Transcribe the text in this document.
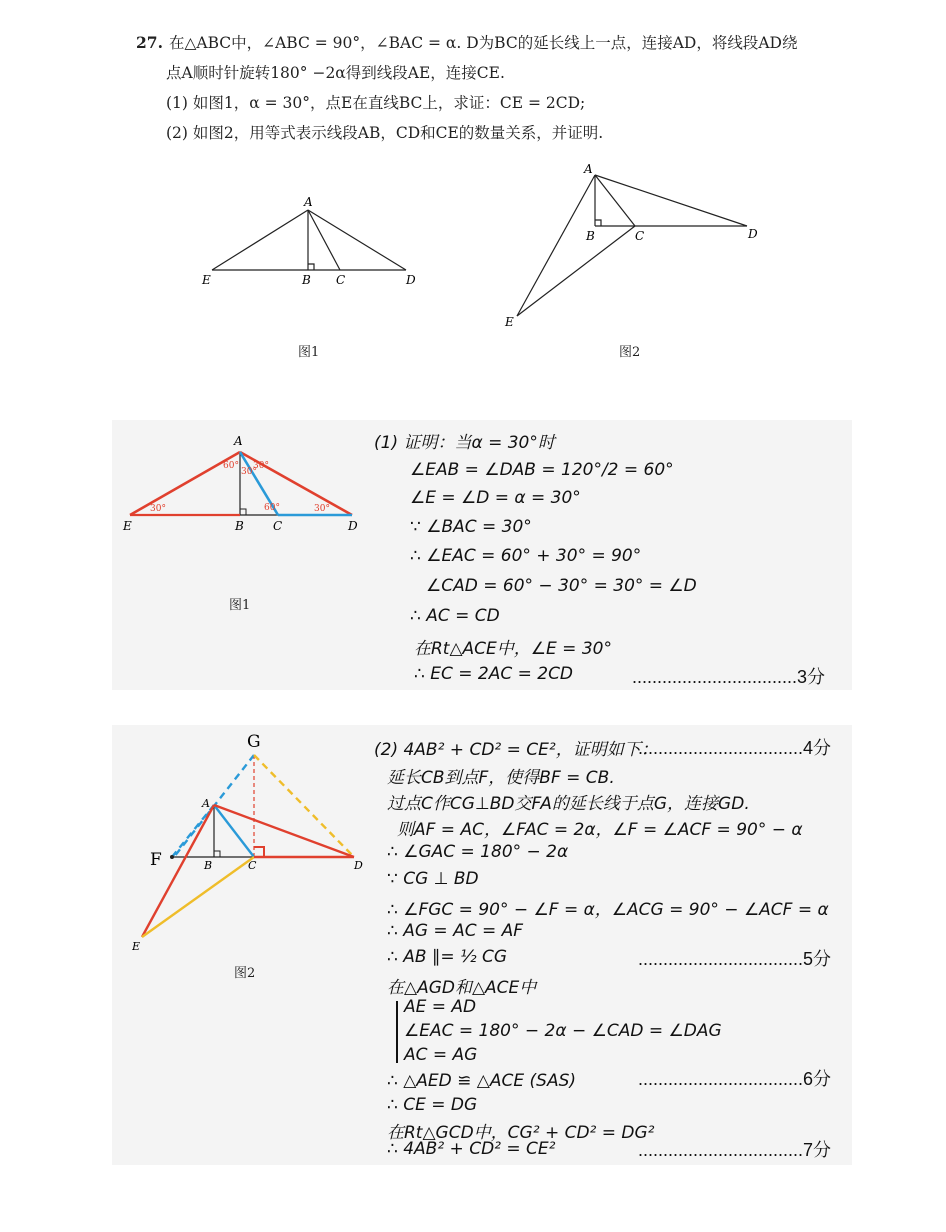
27. 在△ABC中，∠ABC = 90°，∠BAC = α. D为BC的延长线上一点，连接AD，将线段AD绕
点A顺时针旋转180° −2α得到线段AE，连接CE.
(1) 如图1，α = 30°，点E在直线BC上，求证：CE = 2CD;
(2) 如图2，用等式表示线段AB，CD和CE的数量关系，并证明.
A
E	B C	D
图1
A
B	C	D
E
图2
A
E	B C	D
60°
30°
30°
30°	30°
60°
图1
(1) 证明：当α = 30°时
∠EAB = ∠DAB = 120°/2 = 60°
∠E = ∠D = α = 30°
∵ ∠BAC = 30°
∴ ∠EAC = 60° + 30° = 90°
∠CAD = 60° − 30° = 30° = ∠D
∴ AC = CD
在Rt△ACE中，∠E = 30°
∴ EC = 2AC = 2CD	.................................3分
G
A
F	B	C	D
E
图2
(2) 4AB² + CD² = CE²，证明如下：
.................................4分
延长CB到点F，使得BF = CB.
过点C作CG⊥BD交FA的延长线于点G，连接GD.
则AF = AC，∠FAC = 2α，∠F = ∠ACF = 90° − α
∴ ∠GAC = 180° − 2α
∵ CG ⊥ BD
∴ ∠FGC = 90° − ∠F = α，∠ACG = 90° − ∠ACF = α
∴ AG = AC = AF
∴ AB ∥= ½ CG	.................................5分
在△AGD和△ACE中
AE = AD
∠EAC = 180° − 2α − ∠CAD = ∠DAG
AC = AG
∴ △AED ≌ △ACE (SAS)	.................................6分
∴ CE = DG
在Rt△GCD中，CG² + CD² = DG²
∴ 4AB² + CD² = CE²	.................................7分
